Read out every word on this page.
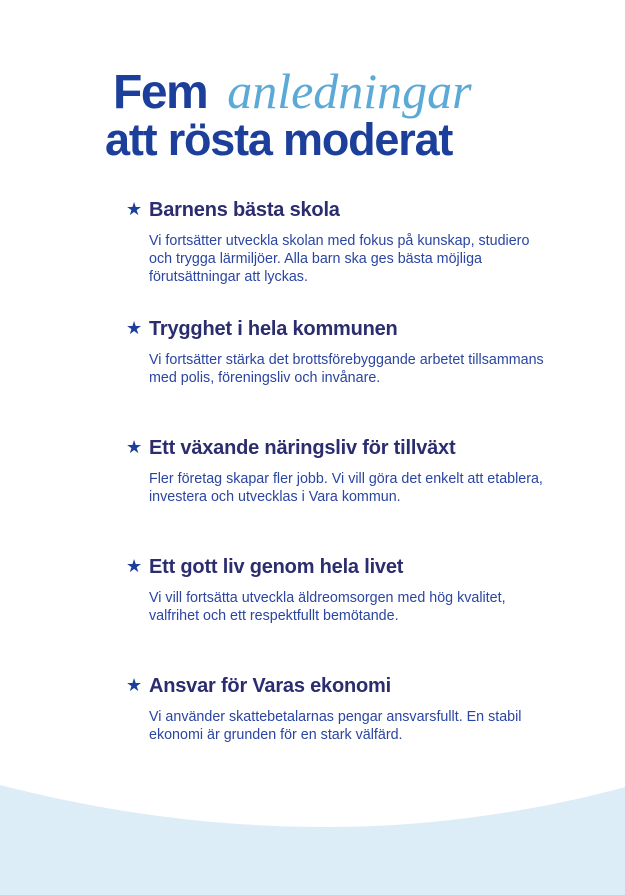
Fem anledningar
att rösta moderat
★ Barnens bästa skola

Vi fortsätter utveckla skolan med fokus på kunskap, studiero och trygga lärmiljöer. Alla barn ska ges bästa möjliga förutsättningar att lyckas.

★ Trygghet i hela kommunen

Vi fortsätter stärka det brottsförebyggande arbetet tillsammans med polis, föreningsliv och invånare.

★ Ett växande näringsliv för tillväxt

Fler företag skapar fler jobb. Vi vill göra det enkelt att etablera, investera och utvecklas i Vara kommun.

★ Ett gott liv genom hela livet

Vi vill fortsätta utveckla äldreomsorgen med hög kvalitet, valfrihet och ett respektfullt bemötande.

★ Ansvar för Varas ekonomi

Vi använder skattebetalarnas pengar ansvarsfullt. En stabil ekonomi är grunden för en stark välfärd.
